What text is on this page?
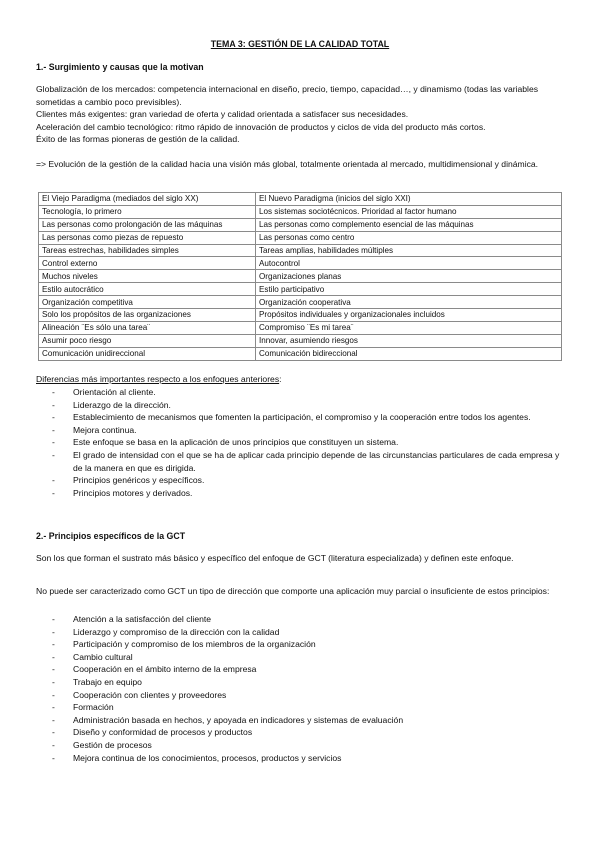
TEMA 3: GESTIÓN DE LA CALIDAD TOTAL
1.- Surgimiento y causas que la motivan
Globalización de los mercados: competencia internacional en diseño, precio, tiempo, capacidad…, y dinamismo (todas las variables sometidas a cambio poco previsibles).
Clientes más exigentes: gran variedad de oferta y calidad orientada a satisfacer sus necesidades.
Aceleración del cambio tecnológico: ritmo rápido de innovación de productos y ciclos de vida del producto más cortos.
Éxito de las formas pioneras de gestión de la calidad.
=> Evolución de la gestión de la calidad hacia una visión más global, totalmente orientada al mercado, multidimensional y dinámica.
El Viejo Paradigma (mediados del siglo XX)	El Nuevo Paradigma (inicios del siglo XXI)
Tecnología, lo primero	Los sistemas sociotécnicos. Prioridad al factor humano
Las personas como prolongación de las máquinas	Las personas como complemento esencial de las máquinas
Las personas como piezas de repuesto	Las personas como centro
Tareas estrechas, habilidades simples	Tareas amplias, habilidades múltiples
Control externo	Autocontrol
Muchos niveles	Organizaciones planas
Estilo autocrático	Estilo participativo
Organización competitiva	Organización cooperativa
Solo los propósitos de las organizaciones	Propósitos individuales y organizacionales incluidos
Alineación ¨Es sólo una tarea¨	Compromiso ¨Es mi tarea¨
Asumir poco riesgo	Innovar, asumiendo riesgos
Comunicación unidireccional	Comunicación bidireccional
Diferencias más importantes respecto a los enfoques anteriores:
- Orientación al cliente.
- Liderazgo de la dirección.
- Establecimiento de mecanismos que fomenten la participación, el compromiso y la cooperación entre todos los agentes.
- Mejora continua.
- Este enfoque se basa en la aplicación de unos principios que constituyen un sistema.
- El grado de intensidad con el que se ha de aplicar cada principio depende de las circunstancias particulares de cada empresa y de la manera en que es dirigida.
- Principios genéricos y específicos.
- Principios motores y derivados.
2.- Principios específicos de la GCT
Son los que forman el sustrato más básico y específico del enfoque de GCT (literatura especializada) y definen este enfoque.
No puede ser caracterizado como GCT un tipo de dirección que comporte una aplicación muy parcial o insuficiente de estos principios:
- Atención a la satisfacción del cliente
- Liderazgo y compromiso de la dirección con la calidad
- Participación y compromiso de los miembros de la organización
- Cambio cultural
- Cooperación en el ámbito interno de la empresa
- Trabajo en equipo
- Cooperación con clientes y proveedores
- Formación
- Administración basada en hechos, y apoyada en indicadores y sistemas de evaluación
- Diseño y conformidad de procesos y productos
- Gestión de procesos
- Mejora continua de los conocimientos, procesos, productos y servicios
